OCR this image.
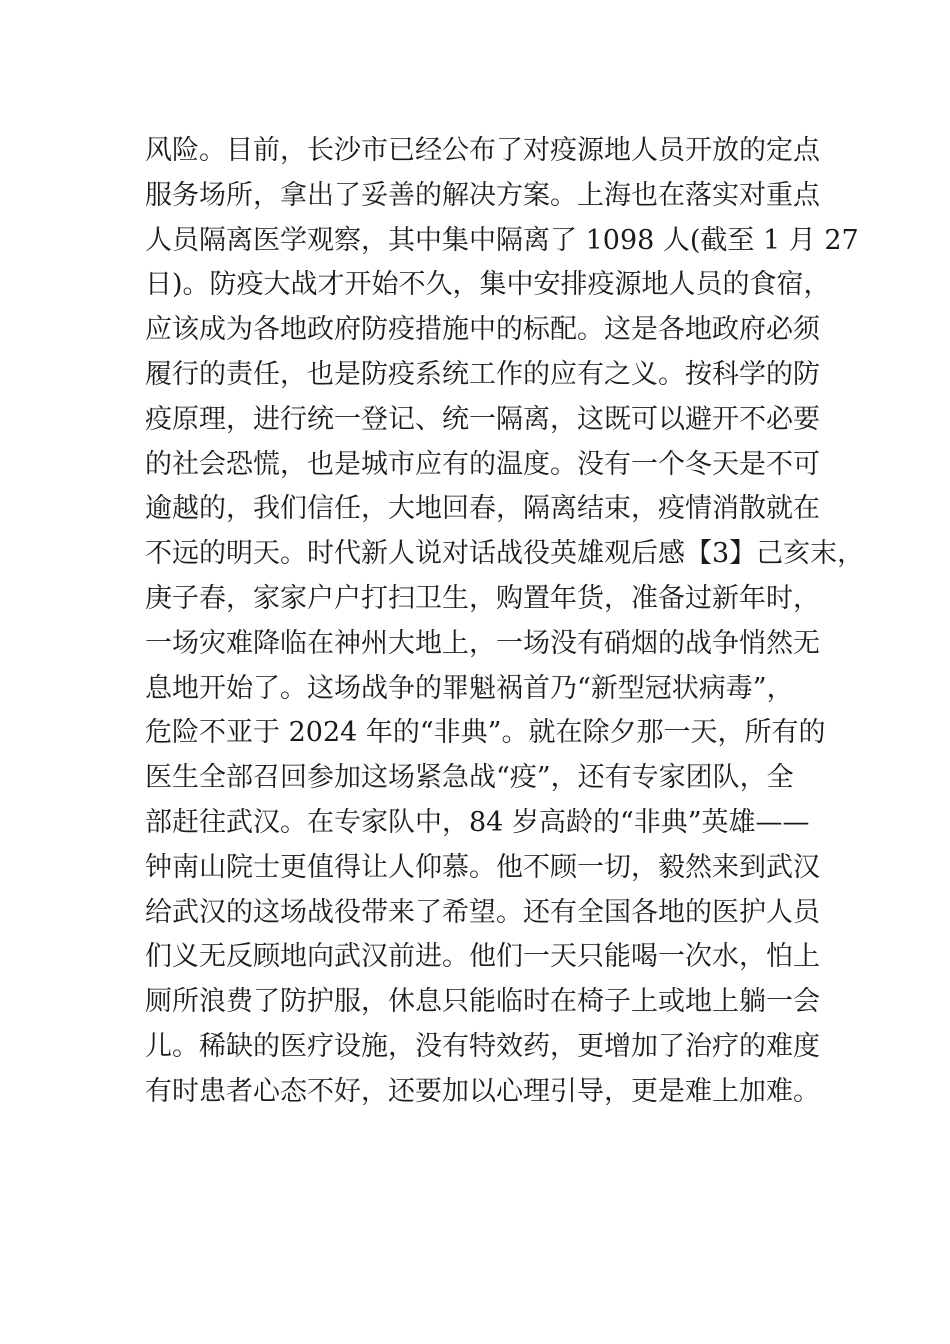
风险。目前，长沙市已经公布了对疫源地人员开放的定点
服务场所，拿出了妥善的解决方案。上海也在落实对重点
人员隔离医学观察，其中集中隔离了 1098 人(截至 1 月 27
日)。防疫大战才开始不久，集中安排疫源地人员的食宿，
应该成为各地政府防疫措施中的标配。这是各地政府必须
履行的责任，也是防疫系统工作的应有之义。按科学的防
疫原理，进行统一登记、统一隔离，这既可以避开不必要
的社会恐慌，也是城市应有的温度。没有一个冬天是不可
逾越的，我们信任，大地回春，隔离结束，疫情消散就在
不远的明天。时代新人说对话战役英雄观后感【3】己亥末，
庚子春，家家户户打扫卫生，购置年货，准备过新年时，
一场灾难降临在神州大地上，一场没有硝烟的战争悄然无
息地开始了。这场战争的罪魁祸首乃“新型冠状病毒”，
危险不亚于 2024 年的“非典”。就在除夕那一天，所有的
医生全部召回参加这场紧急战“疫”，还有专家团队，全
部赶往武汉。在专家队中，84 岁高龄的“非典”英雄——
钟南山院士更值得让人仰慕。他不顾一切，毅然来到武汉
给武汉的这场战役带来了希望。还有全国各地的医护人员
们义无反顾地向武汉前进。他们一天只能喝一次水，怕上
厕所浪费了防护服，休息只能临时在椅子上或地上躺一会
儿。稀缺的医疗设施，没有特效药，更增加了治疗的难度
有时患者心态不好，还要加以心理引导，更是难上加难。
